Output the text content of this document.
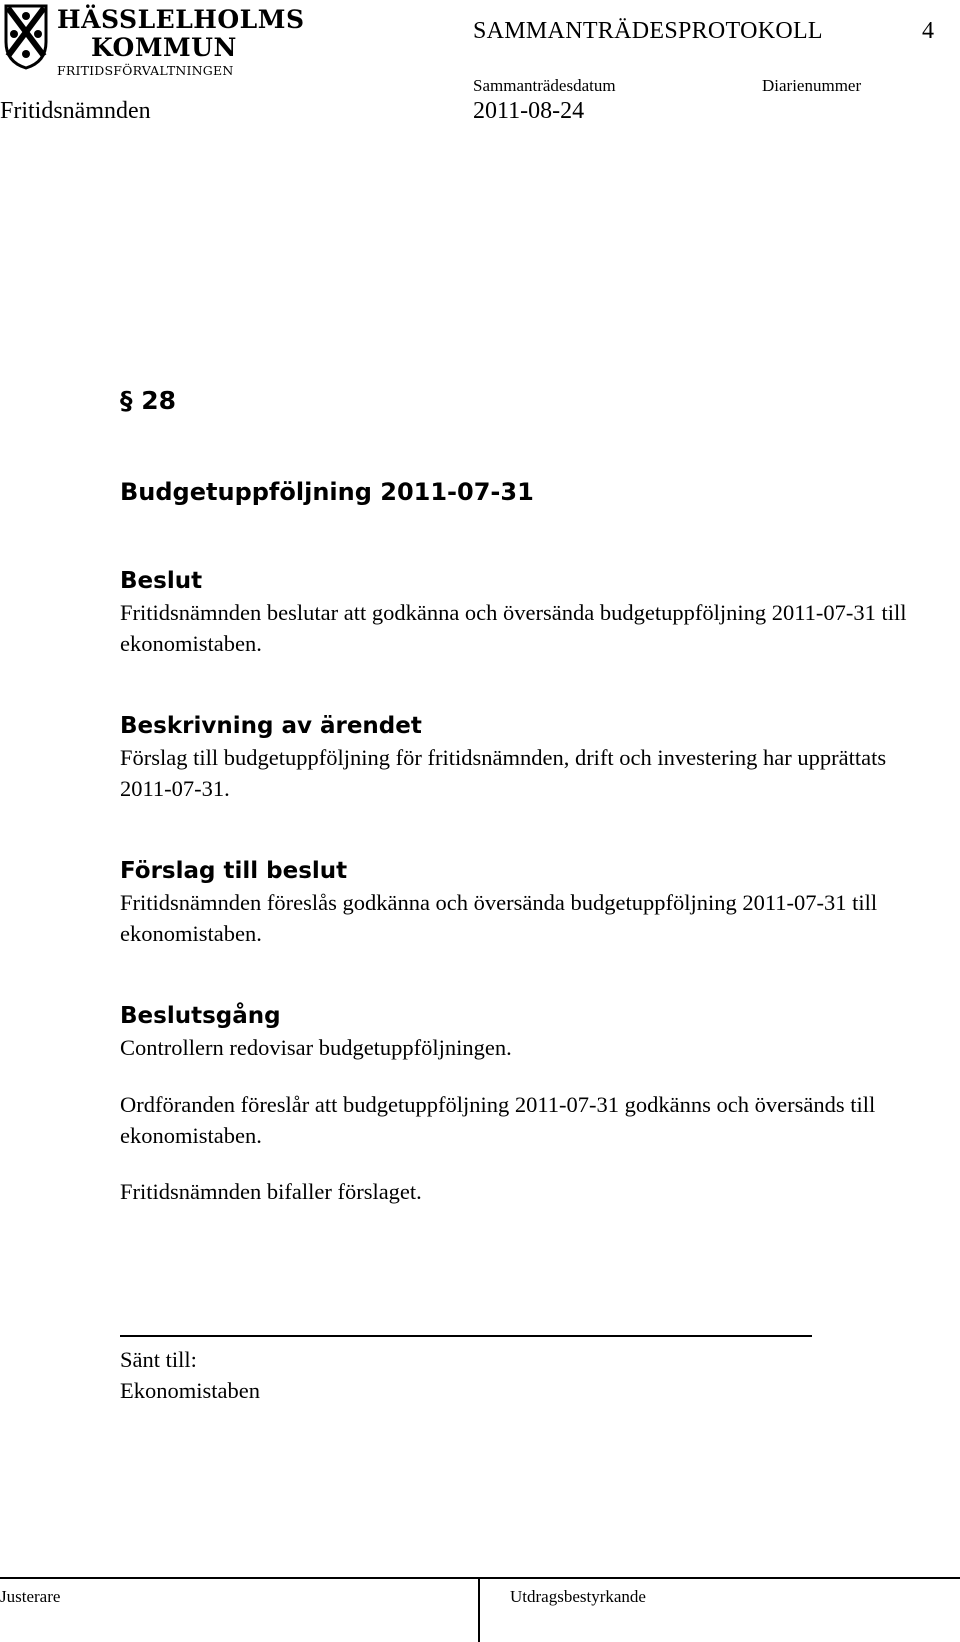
HÄSSLELHOLMS
KOMMUN
FRITIDSFÖRVALTNINGEN
SAMMANTRÄDESPROTOKOLL	4
Sammanträdesdatum	Diarienummer
Fritidsnämnden	2011-08-24
§ 28
Budgetuppföljning 2011-07-31
Beslut
Fritidsnämnden beslutar att godkänna och översända budgetuppföljning 2011-07-31 till ekonomistaben.
Beskrivning av ärendet
Förslag till budgetuppföljning för fritidsnämnden, drift och investering har upprättats 2011-07-31.
Förslag till beslut
Fritidsnämnden föreslås godkänna och översända budgetuppföljning 2011-07-31 till ekonomistaben.
Beslutsgång
Controllern redovisar budgetuppföljningen.
Ordföranden föreslår att budgetuppföljning 2011-07-31 godkänns och översänds till ekonomistaben.
Fritidsnämnden bifaller förslaget.
Sänt till:
Ekonomistaben
Justerare	Utdragsbestyrkande
